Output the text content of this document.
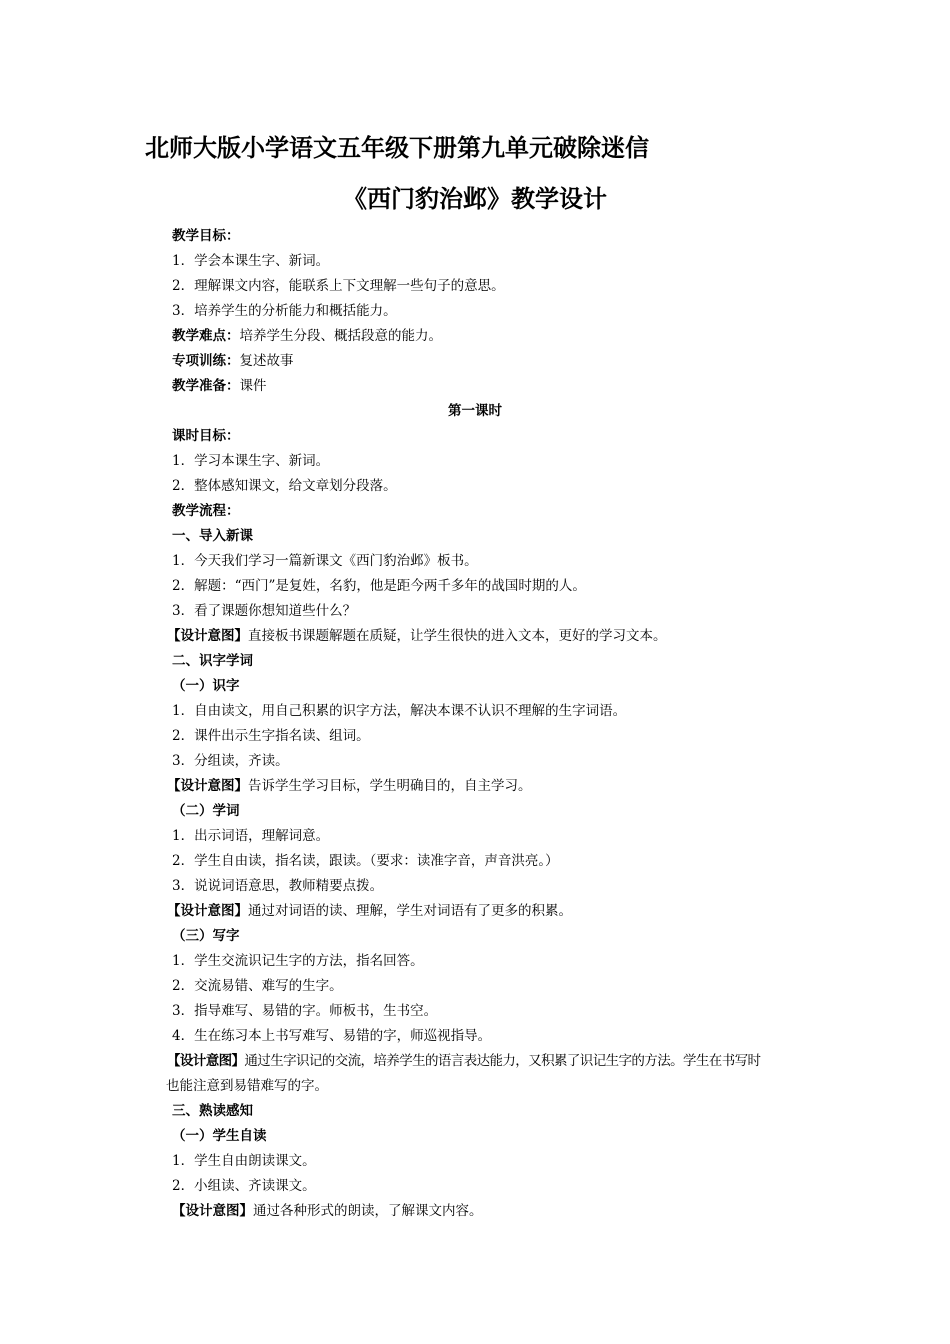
北师大版小学语文五年级下册第九单元破除迷信
《西门豹治邺》教学设计
教学目标：
1．学会本课生字、新词。
2．理解课文内容，能联系上下文理解一些句子的意思。
3．培养学生的分析能力和概括能力。
教学难点：培养学生分段、概括段意的能力。
专项训练：复述故事
教学准备：课件
第一课时
课时目标：
1．学习本课生字、新词。
2．整体感知课文，给文章划分段落。
教学流程：
一、导入新课
1．今天我们学习一篇新课文《西门豹治邺》板书。
2．解题：“西门”是复姓，名豹，他是距今两千多年的战国时期的人。
3．看了课题你想知道些什么？
【设计意图】直接板书课题解题在质疑，让学生很快的进入文本，更好的学习文本。
二、识字学词
（一）识字
1．自由读文，用自己积累的识字方法，解决本课不认识不理解的生字词语。
2．课件出示生字指名读、组词。
3．分组读，齐读。
【设计意图】告诉学生学习目标，学生明确目的，自主学习。
（二）学词
1．出示词语，理解词意。
2．学生自由读，指名读，跟读。（要求：读准字音，声音洪亮。）
3．说说词语意思，教师精要点拨。
【设计意图】通过对词语的读、理解，学生对词语有了更多的积累。
（三）写字
1．学生交流识记生字的方法，指名回答。
2．交流易错、难写的生字。
3．指导难写、易错的字。师板书，生书空。
4．生在练习本上书写难写、易错的字，师巡视指导。
【设计意图】通过生字识记的交流，培养学生的语言表达能力，又积累了识记生字的方法。学生在书写时
也能注意到易错难写的字。
三、熟读感知
（一）学生自读
1．学生自由朗读课文。
2．小组读、齐读课文。
【设计意图】通过各种形式的朗读，了解课文内容。
